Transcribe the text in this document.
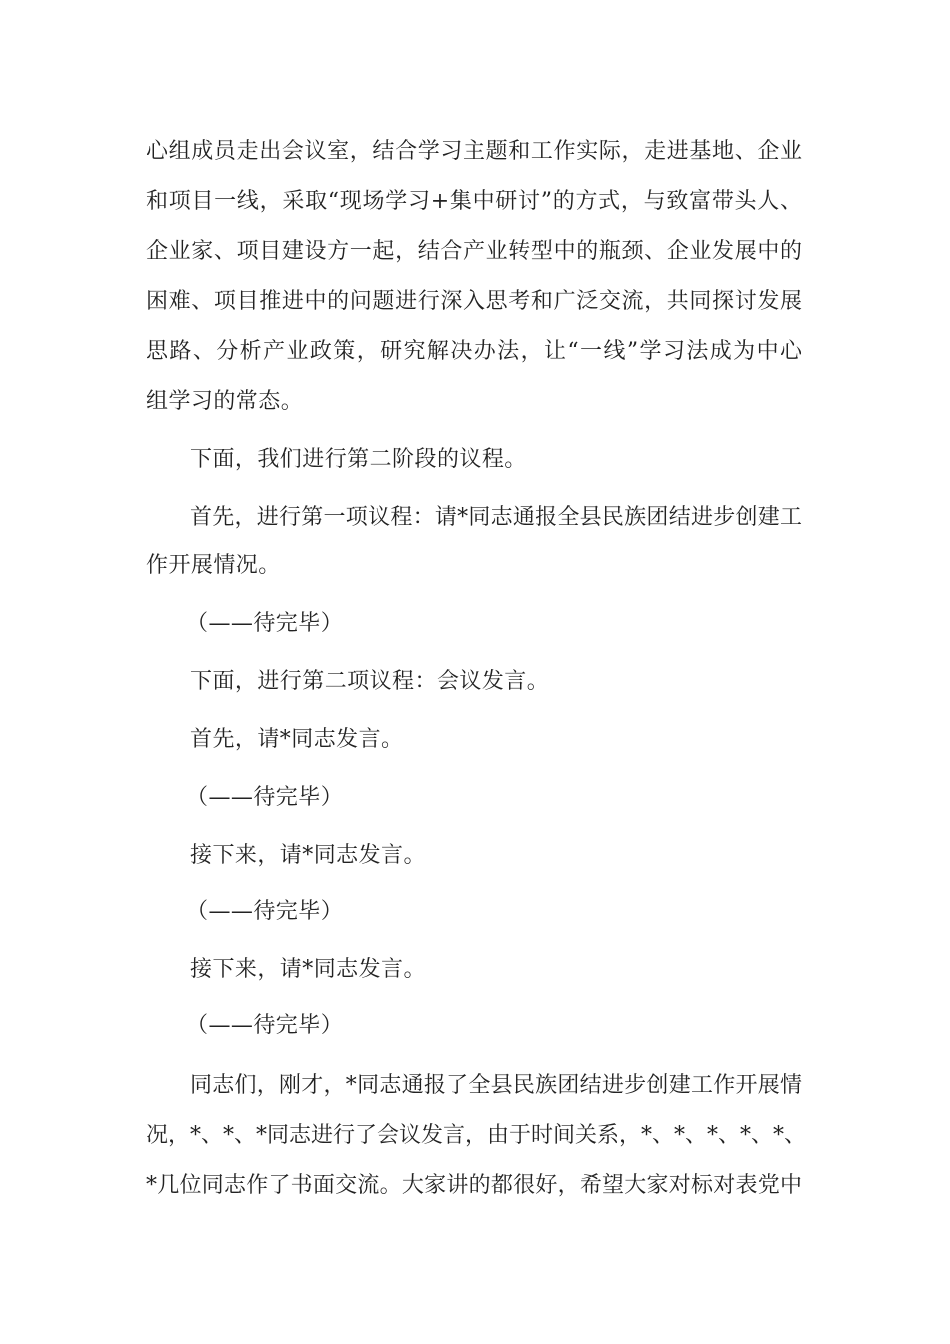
心组成员走出会议室，结合学习主题和工作实际，走进基地、企业
和项目一线，采取“现场学习+集中研讨”的方式，与致富带头人、
企业家、项目建设方一起，结合产业转型中的瓶颈、企业发展中的
困难、项目推进中的问题进行深入思考和广泛交流，共同探讨发展
思路、分析产业政策，研究解决办法，让“一线”学习法成为中心
组学习的常态。
下面，我们进行第二阶段的议程。
首先，进行第一项议程：请*同志通报全县民族团结进步创建工
作开展情况。
（——待完毕）
下面，进行第二项议程：会议发言。
首先，请*同志发言。
（——待完毕）
接下来，请*同志发言。
（——待完毕）
接下来，请*同志发言。
（——待完毕）
同志们，刚才，*同志通报了全县民族团结进步创建工作开展情
况，*、*、*同志进行了会议发言，由于时间关系，*、*、*、*、*、
*几位同志作了书面交流。大家讲的都很好，希望大家对标对表党中
